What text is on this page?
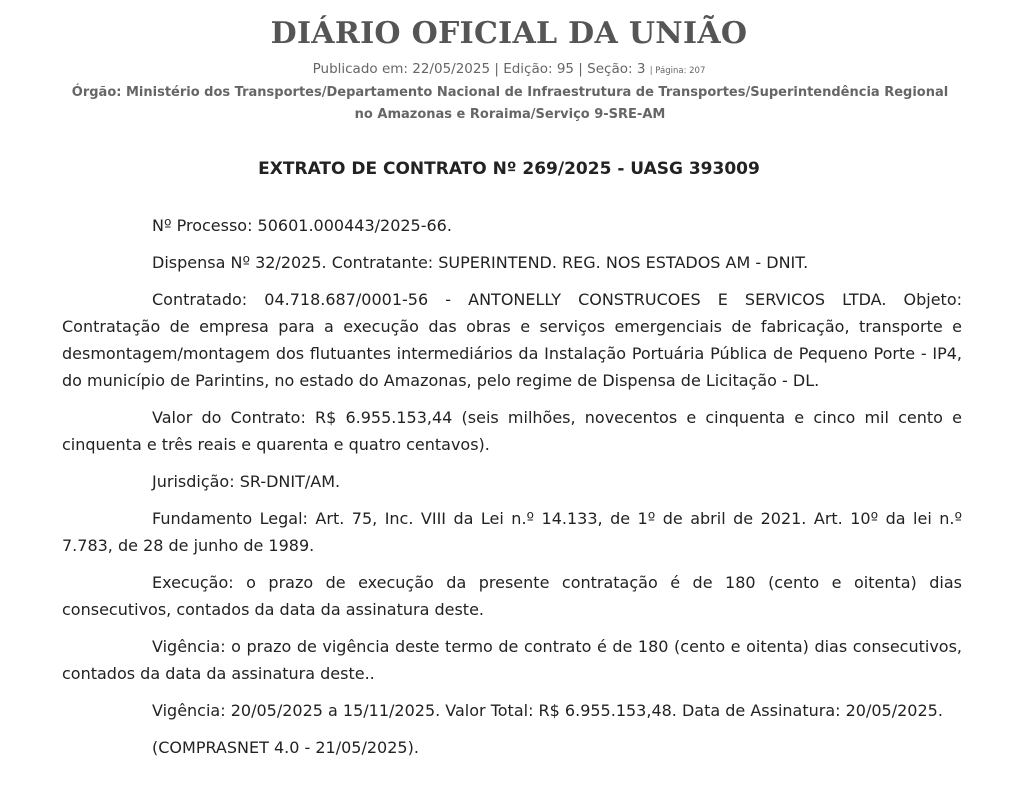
DIÁRIO OFICIAL DA UNIÃO
Publicado em: 22/05/2025 | Edição: 95 | Seção: 3 | Página: 207
Órgão: Ministério dos Transportes/Departamento Nacional de Infraestrutura de Transportes/Superintendência Regional no Amazonas e Roraima/Serviço 9-SRE-AM
EXTRATO DE CONTRATO Nº 269/2025 - UASG 393009

Nº Processo: 50601.000443/2025-66.

Dispensa Nº 32/2025. Contratante: SUPERINTEND. REG. NOS ESTADOS AM - DNIT.

Contratado: 04.718.687/0001-56 - ANTONELLY CONSTRUCOES E SERVICOS LTDA. Objeto: Contratação de empresa para a execução das obras e serviços emergenciais de fabricação, transporte e desmontagem/montagem dos flutuantes intermediários da Instalação Portuária Pública de Pequeno Porte - IP4, do município de Parintins, no estado do Amazonas, pelo regime de Dispensa de Licitação - DL.

Valor do Contrato: R$ 6.955.153,44 (seis milhões, novecentos e cinquenta e cinco mil cento e cinquenta e três reais e quarenta e quatro centavos).

Jurisdição: SR-DNIT/AM.

Fundamento Legal: Art. 75, Inc. VIII da Lei n.º 14.133, de 1º de abril de 2021. Art. 10º da lei n.º 7.783, de 28 de junho de 1989.

Execução: o prazo de execução da presente contratação é de 180 (cento e oitenta) dias consecutivos, contados da data da assinatura deste.

Vigência: o prazo de vigência deste termo de contrato é de 180 (cento e oitenta) dias consecutivos, contados da data da assinatura deste..

Vigência: 20/05/2025 a 15/11/2025. Valor Total: R$ 6.955.153,48. Data de Assinatura: 20/05/2025.

(COMPRASNET 4.0 - 21/05/2025).
